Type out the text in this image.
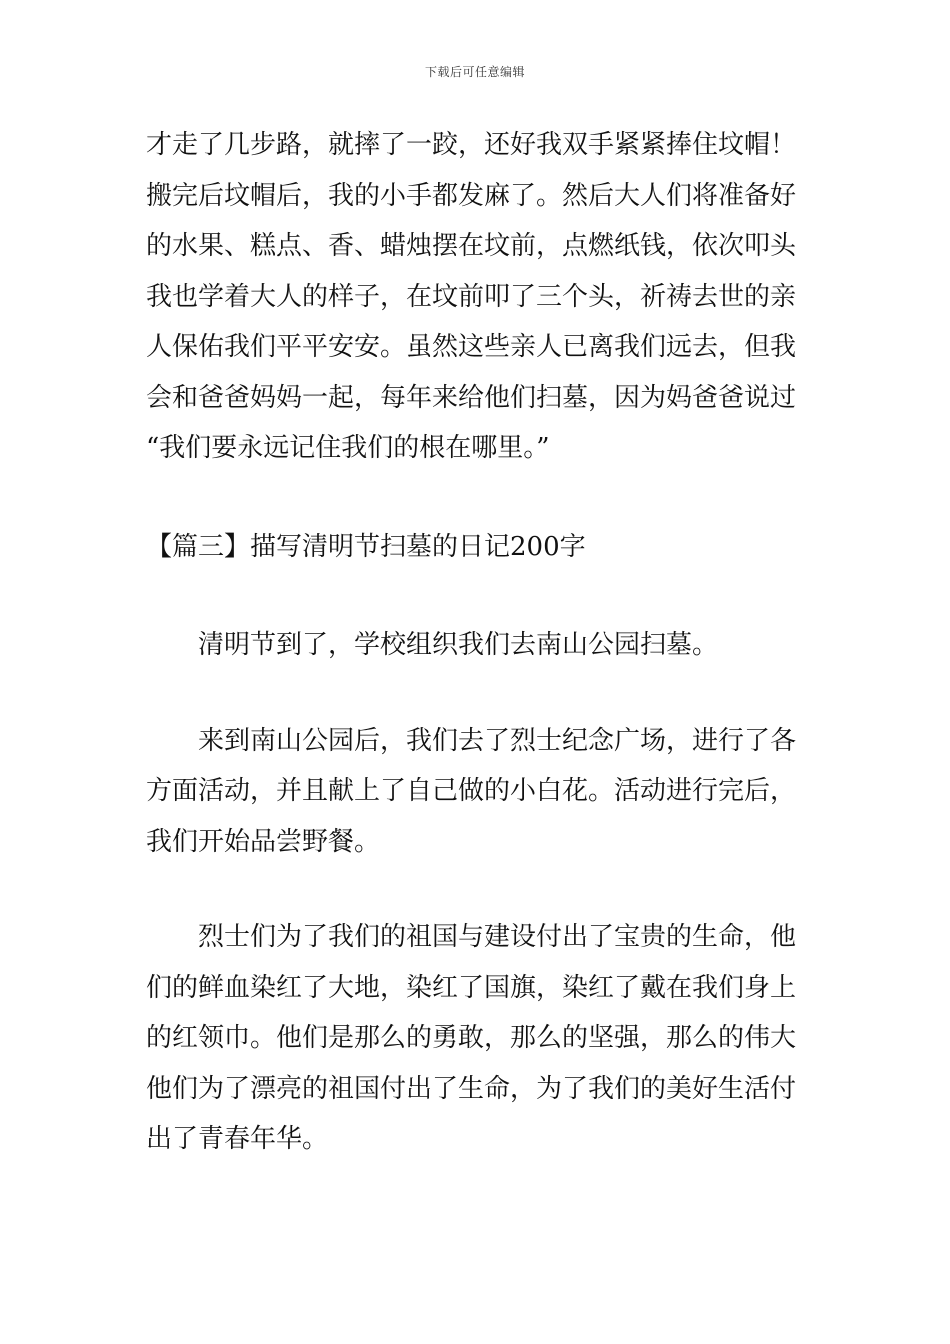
下载后可任意编辑
才走了几步路，就摔了一跤，还好我双手紧紧捧住坟帽！
搬完后坟帽后，我的小手都发麻了。然后大人们将准备好
的水果、糕点、香、蜡烛摆在坟前，点燃纸钱，依次叩头
我也学着大人的样子，在坟前叩了三个头，祈祷去世的亲
人保佑我们平平安安。虽然这些亲人已离我们远去，但我
会和爸爸妈妈一起，每年来给他们扫墓，因为妈爸爸说过
“我们要永远记住我们的根在哪里。”
【篇三】描写清明节扫墓的日记200字
清明节到了，学校组织我们去南山公园扫墓。
来到南山公园后，我们去了烈士纪念广场，进行了各
方面活动，并且献上了自己做的小白花。活动进行完后，
我们开始品尝野餐。
烈士们为了我们的祖国与建设付出了宝贵的生命，他
们的鲜血染红了大地，染红了国旗，染红了戴在我们身上
的红领巾。他们是那么的勇敢，那么的坚强，那么的伟大
他们为了漂亮的祖国付出了生命，为了我们的美好生活付
出了青春年华。
